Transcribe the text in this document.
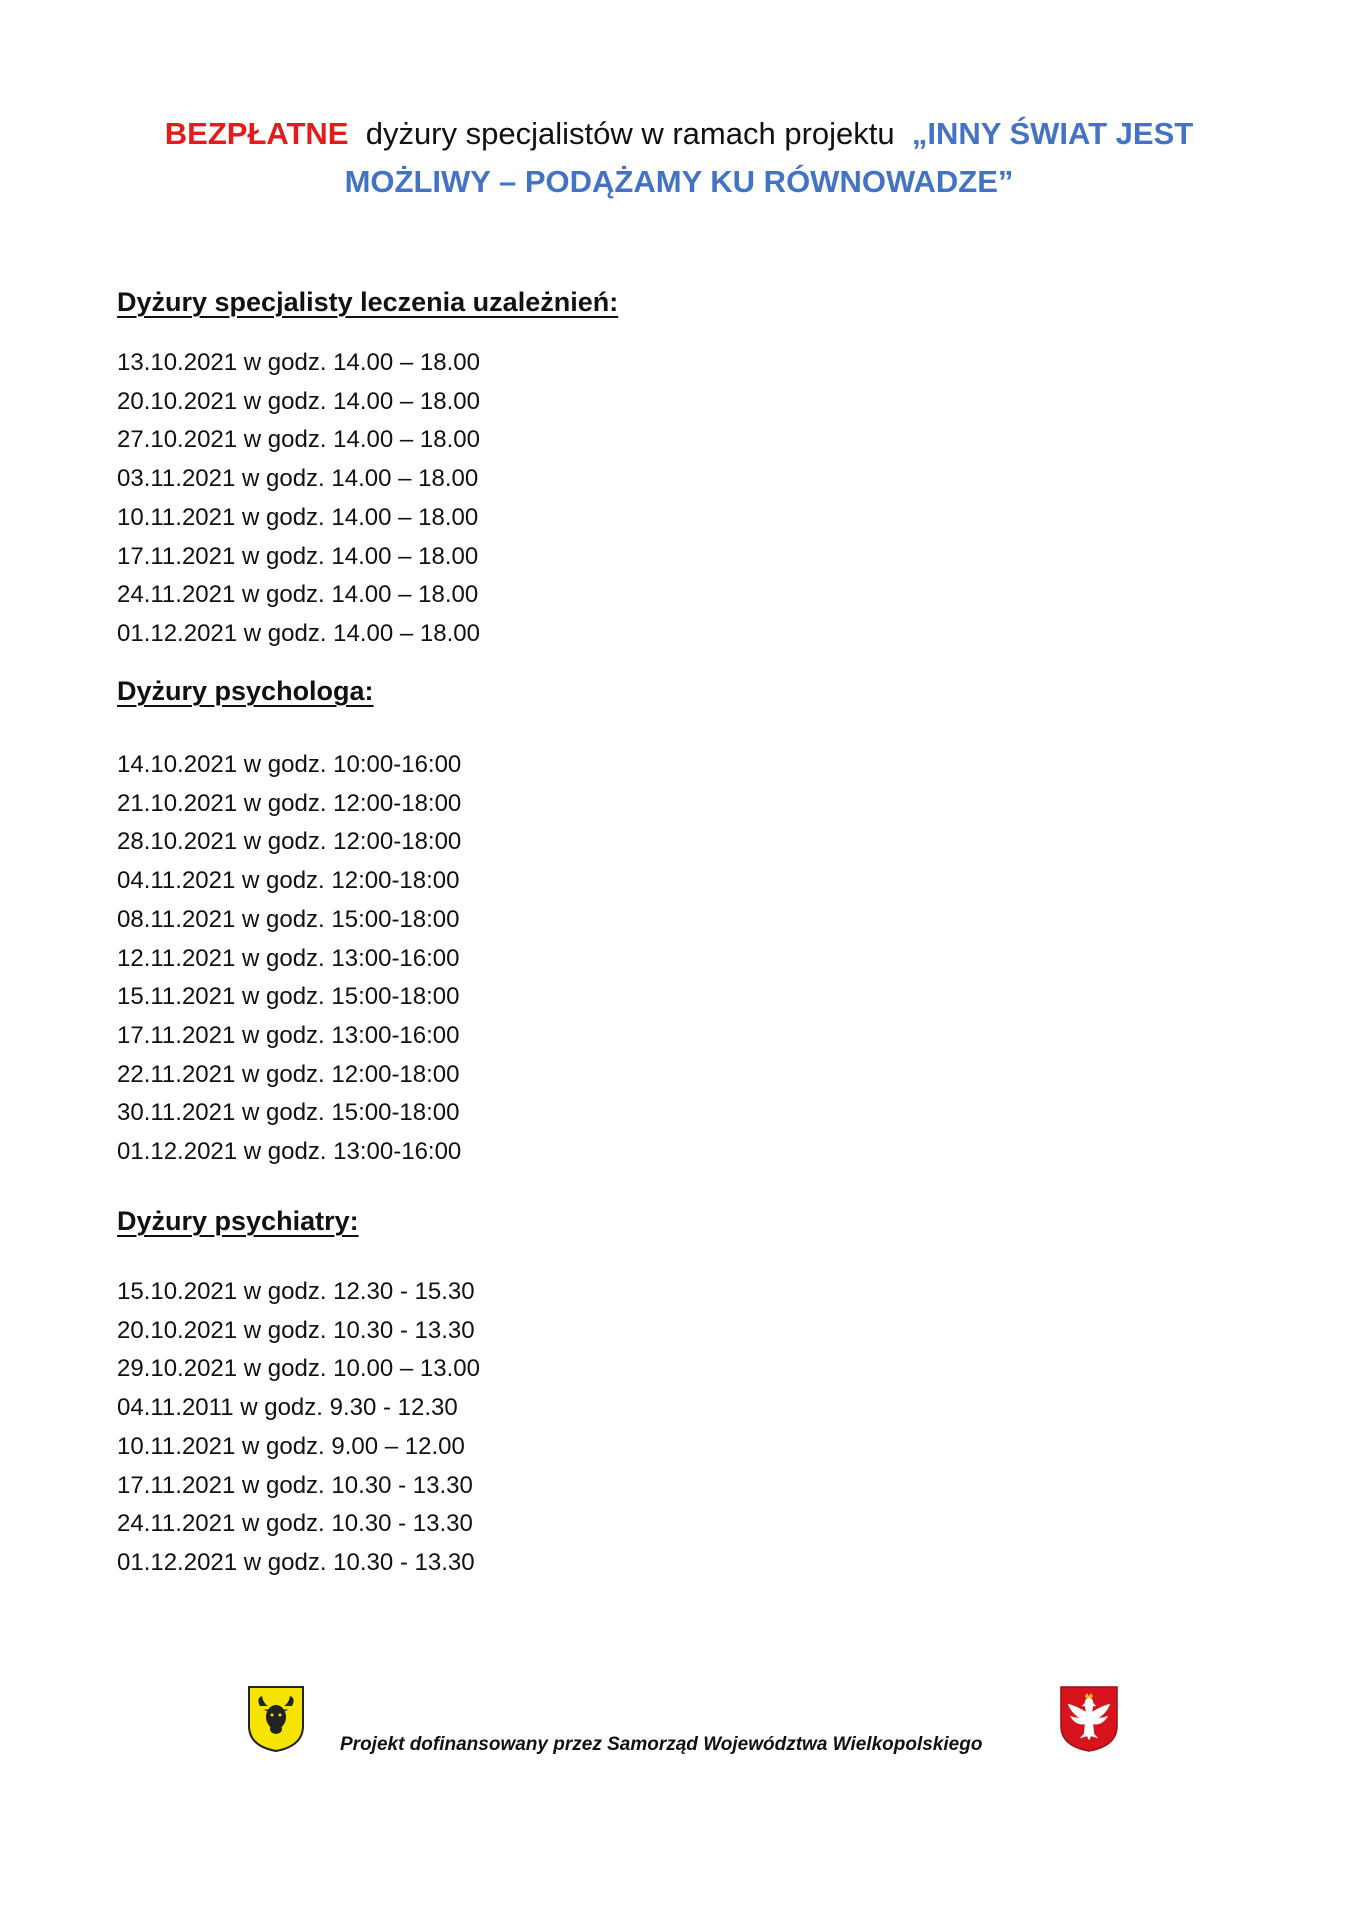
BEZPŁATNE dyżury specjalistów w ramach projektu „INNY ŚWIAT JEST
MOŻLIWY – PODĄŻAMY KU RÓWNOWADZE”
Dyżury specjalisty leczenia uzależnień:
13.10.2021 w godz. 14.00 – 18.00
20.10.2021 w godz. 14.00 – 18.00
27.10.2021 w godz. 14.00 – 18.00
03.11.2021 w godz. 14.00 – 18.00
10.11.2021 w godz. 14.00 – 18.00
17.11.2021 w godz. 14.00 – 18.00
24.11.2021 w godz. 14.00 – 18.00
01.12.2021 w godz. 14.00 – 18.00
Dyżury psychologa:
14.10.2021 w godz. 10:00-16:00
21.10.2021 w godz. 12:00-18:00
28.10.2021 w godz. 12:00-18:00
04.11.2021 w godz. 12:00-18:00
08.11.2021 w godz. 15:00-18:00
12.11.2021 w godz. 13:00-16:00
15.11.2021 w godz. 15:00-18:00
17.11.2021 w godz. 13:00-16:00
22.11.2021 w godz. 12:00-18:00
30.11.2021 w godz. 15:00-18:00
01.12.2021 w godz. 13:00-16:00
Dyżury psychiatry:
15.10.2021 w godz. 12.30 - 15.30
20.10.2021 w godz. 10.30 - 13.30
29.10.2021 w godz. 10.00 – 13.00
04.11.2011 w godz. 9.30 - 12.30
10.11.2021 w godz. 9.00 – 12.00
17.11.2021 w godz. 10.30 - 13.30
24.11.2021 w godz. 10.30 - 13.30
01.12.2021 w godz. 10.30 - 13.30
Projekt dofinansowany przez Samorząd Województwa Wielkopolskiego
